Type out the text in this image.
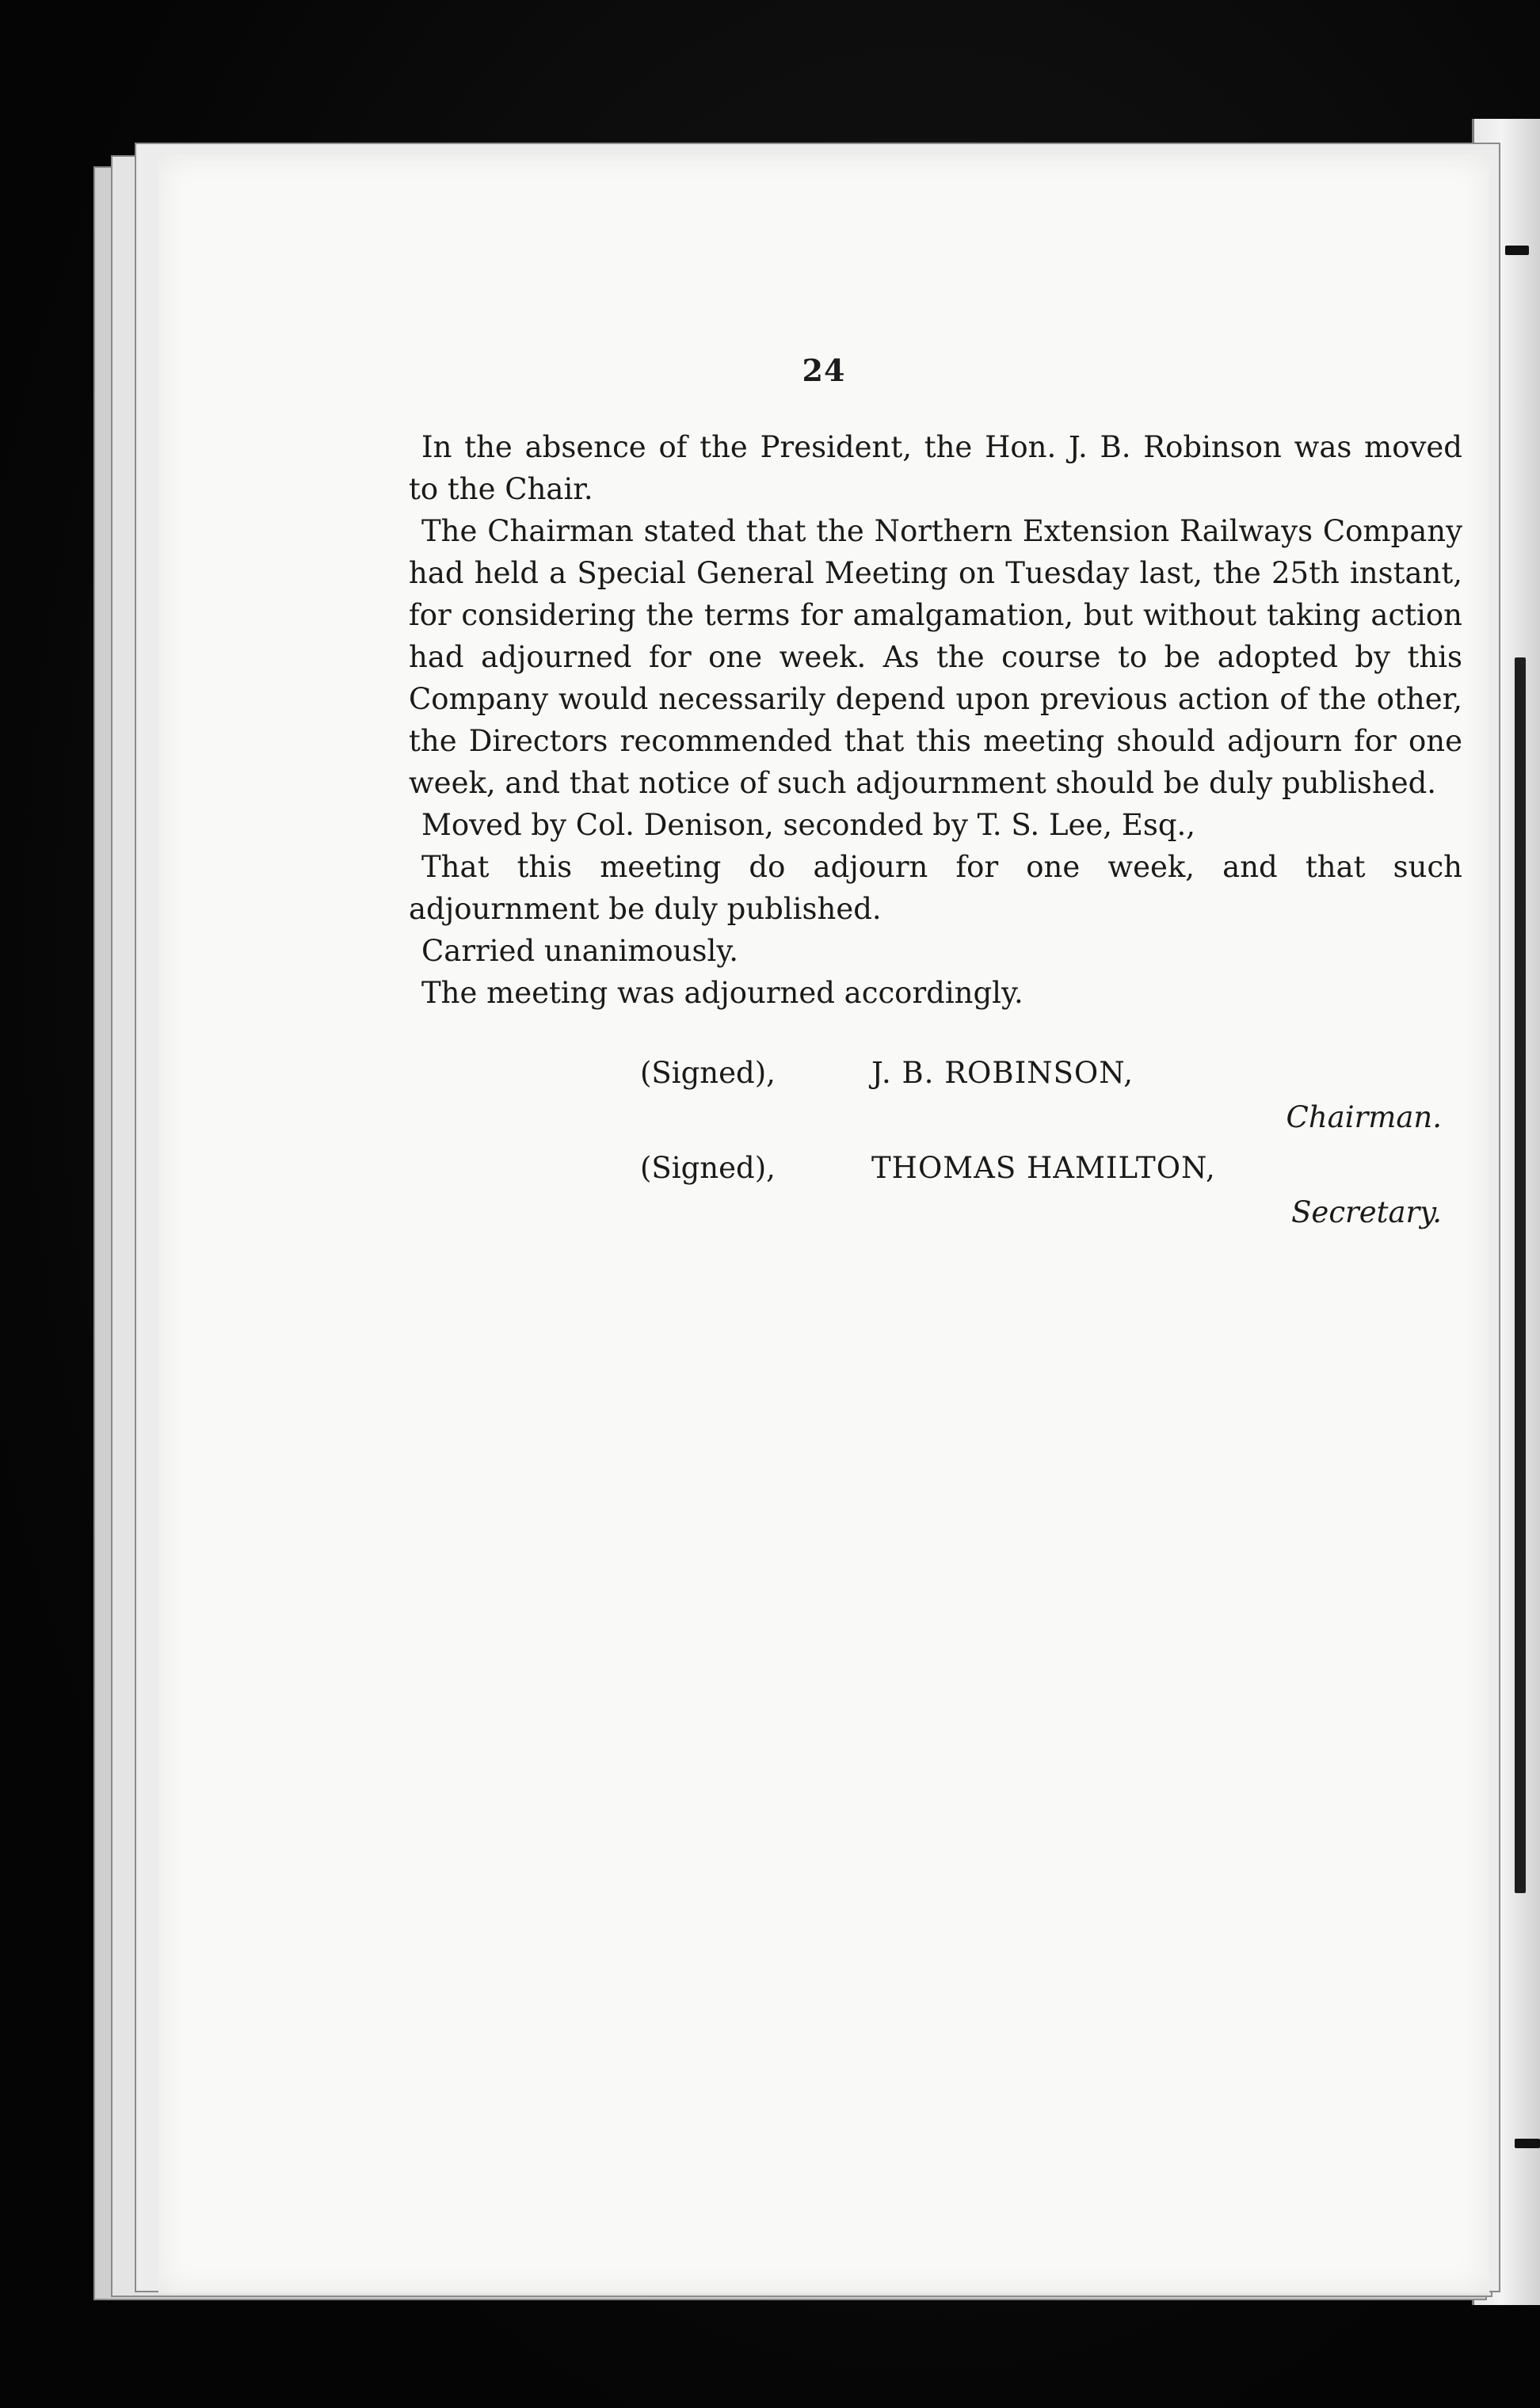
24

In the absence of the President, the Hon. J. B. Robinson was moved to the Chair.

The Chairman stated that the Northern Extension Railways Company had held a Special General Meeting on Tuesday last, the 25th instant, for considering the terms for amalgamation, but without taking action had adjourned for one week. As the course to be adopted by this Company would necessarily depend upon previous action of the other, the Directors recommended that this meeting should adjourn for one week, and that notice of such adjournment should be duly published.

Moved by Col. Denison, seconded by T. S. Lee, Esq.,

That this meeting do adjourn for one week, and that such adjournment be duly published.

Carried unanimously.

The meeting was adjourned accordingly.

(Signed),	J. B. ROBINSON,
Chairman.
(Signed),	THOMAS HAMILTON,
Secretary.
